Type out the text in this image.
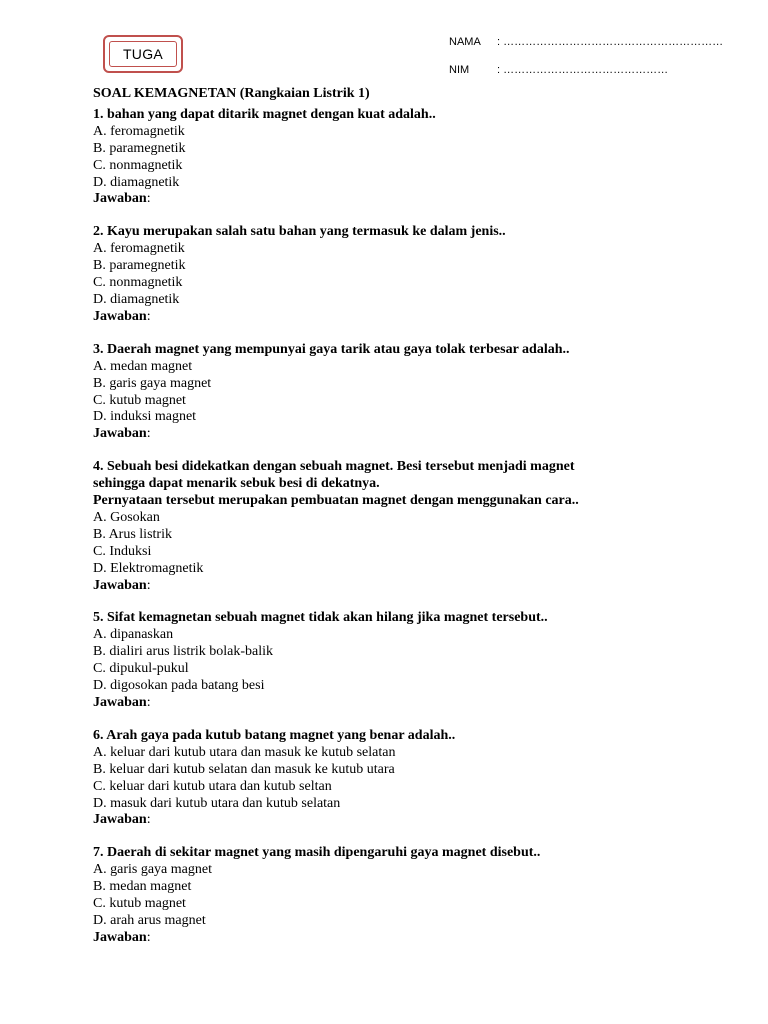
TUGA
NAMA : ……………………………………………………
NIM	: ………………………………………
SOAL KEMAGNETAN (Rangkaian Listrik 1)
1. bahan yang dapat ditarik magnet dengan kuat adalah..
A. feromagnetik
B. paramegnetik
C. nonmagnetik
D. diamagnetik
Jawaban:
2. Kayu merupakan salah satu bahan yang termasuk ke dalam jenis..
A. feromagnetik
B. paramegnetik
C. nonmagnetik
D. diamagnetik
Jawaban:
3. Daerah magnet yang mempunyai gaya tarik atau gaya tolak terbesar adalah..
A. medan magnet
B. garis gaya magnet
C. kutub magnet
D. induksi magnet
Jawaban:
4. Sebuah besi didekatkan dengan sebuah magnet. Besi tersebut menjadi magnet
sehingga dapat menarik sebuk besi di dekatnya.
Pernyataan tersebut merupakan pembuatan magnet dengan menggunakan cara..
A. Gosokan
B. Arus listrik
C. Induksi
D. Elektromagnetik
Jawaban:
5. Sifat kemagnetan sebuah magnet tidak akan hilang jika magnet tersebut..
A. dipanaskan
B. dialiri arus listrik bolak-balik
C. dipukul-pukul
D. digosokan pada batang besi
Jawaban:
6. Arah gaya pada kutub batang magnet yang benar adalah..
A. keluar dari kutub utara dan masuk ke kutub selatan
B. keluar dari kutub selatan dan masuk ke kutub utara
C. keluar dari kutub utara dan kutub seltan
D. masuk dari kutub utara dan kutub selatan
Jawaban:
7. Daerah di sekitar magnet yang masih dipengaruhi gaya magnet disebut..
A. garis gaya magnet
B. medan magnet
C. kutub magnet
D. arah arus magnet
Jawaban:
